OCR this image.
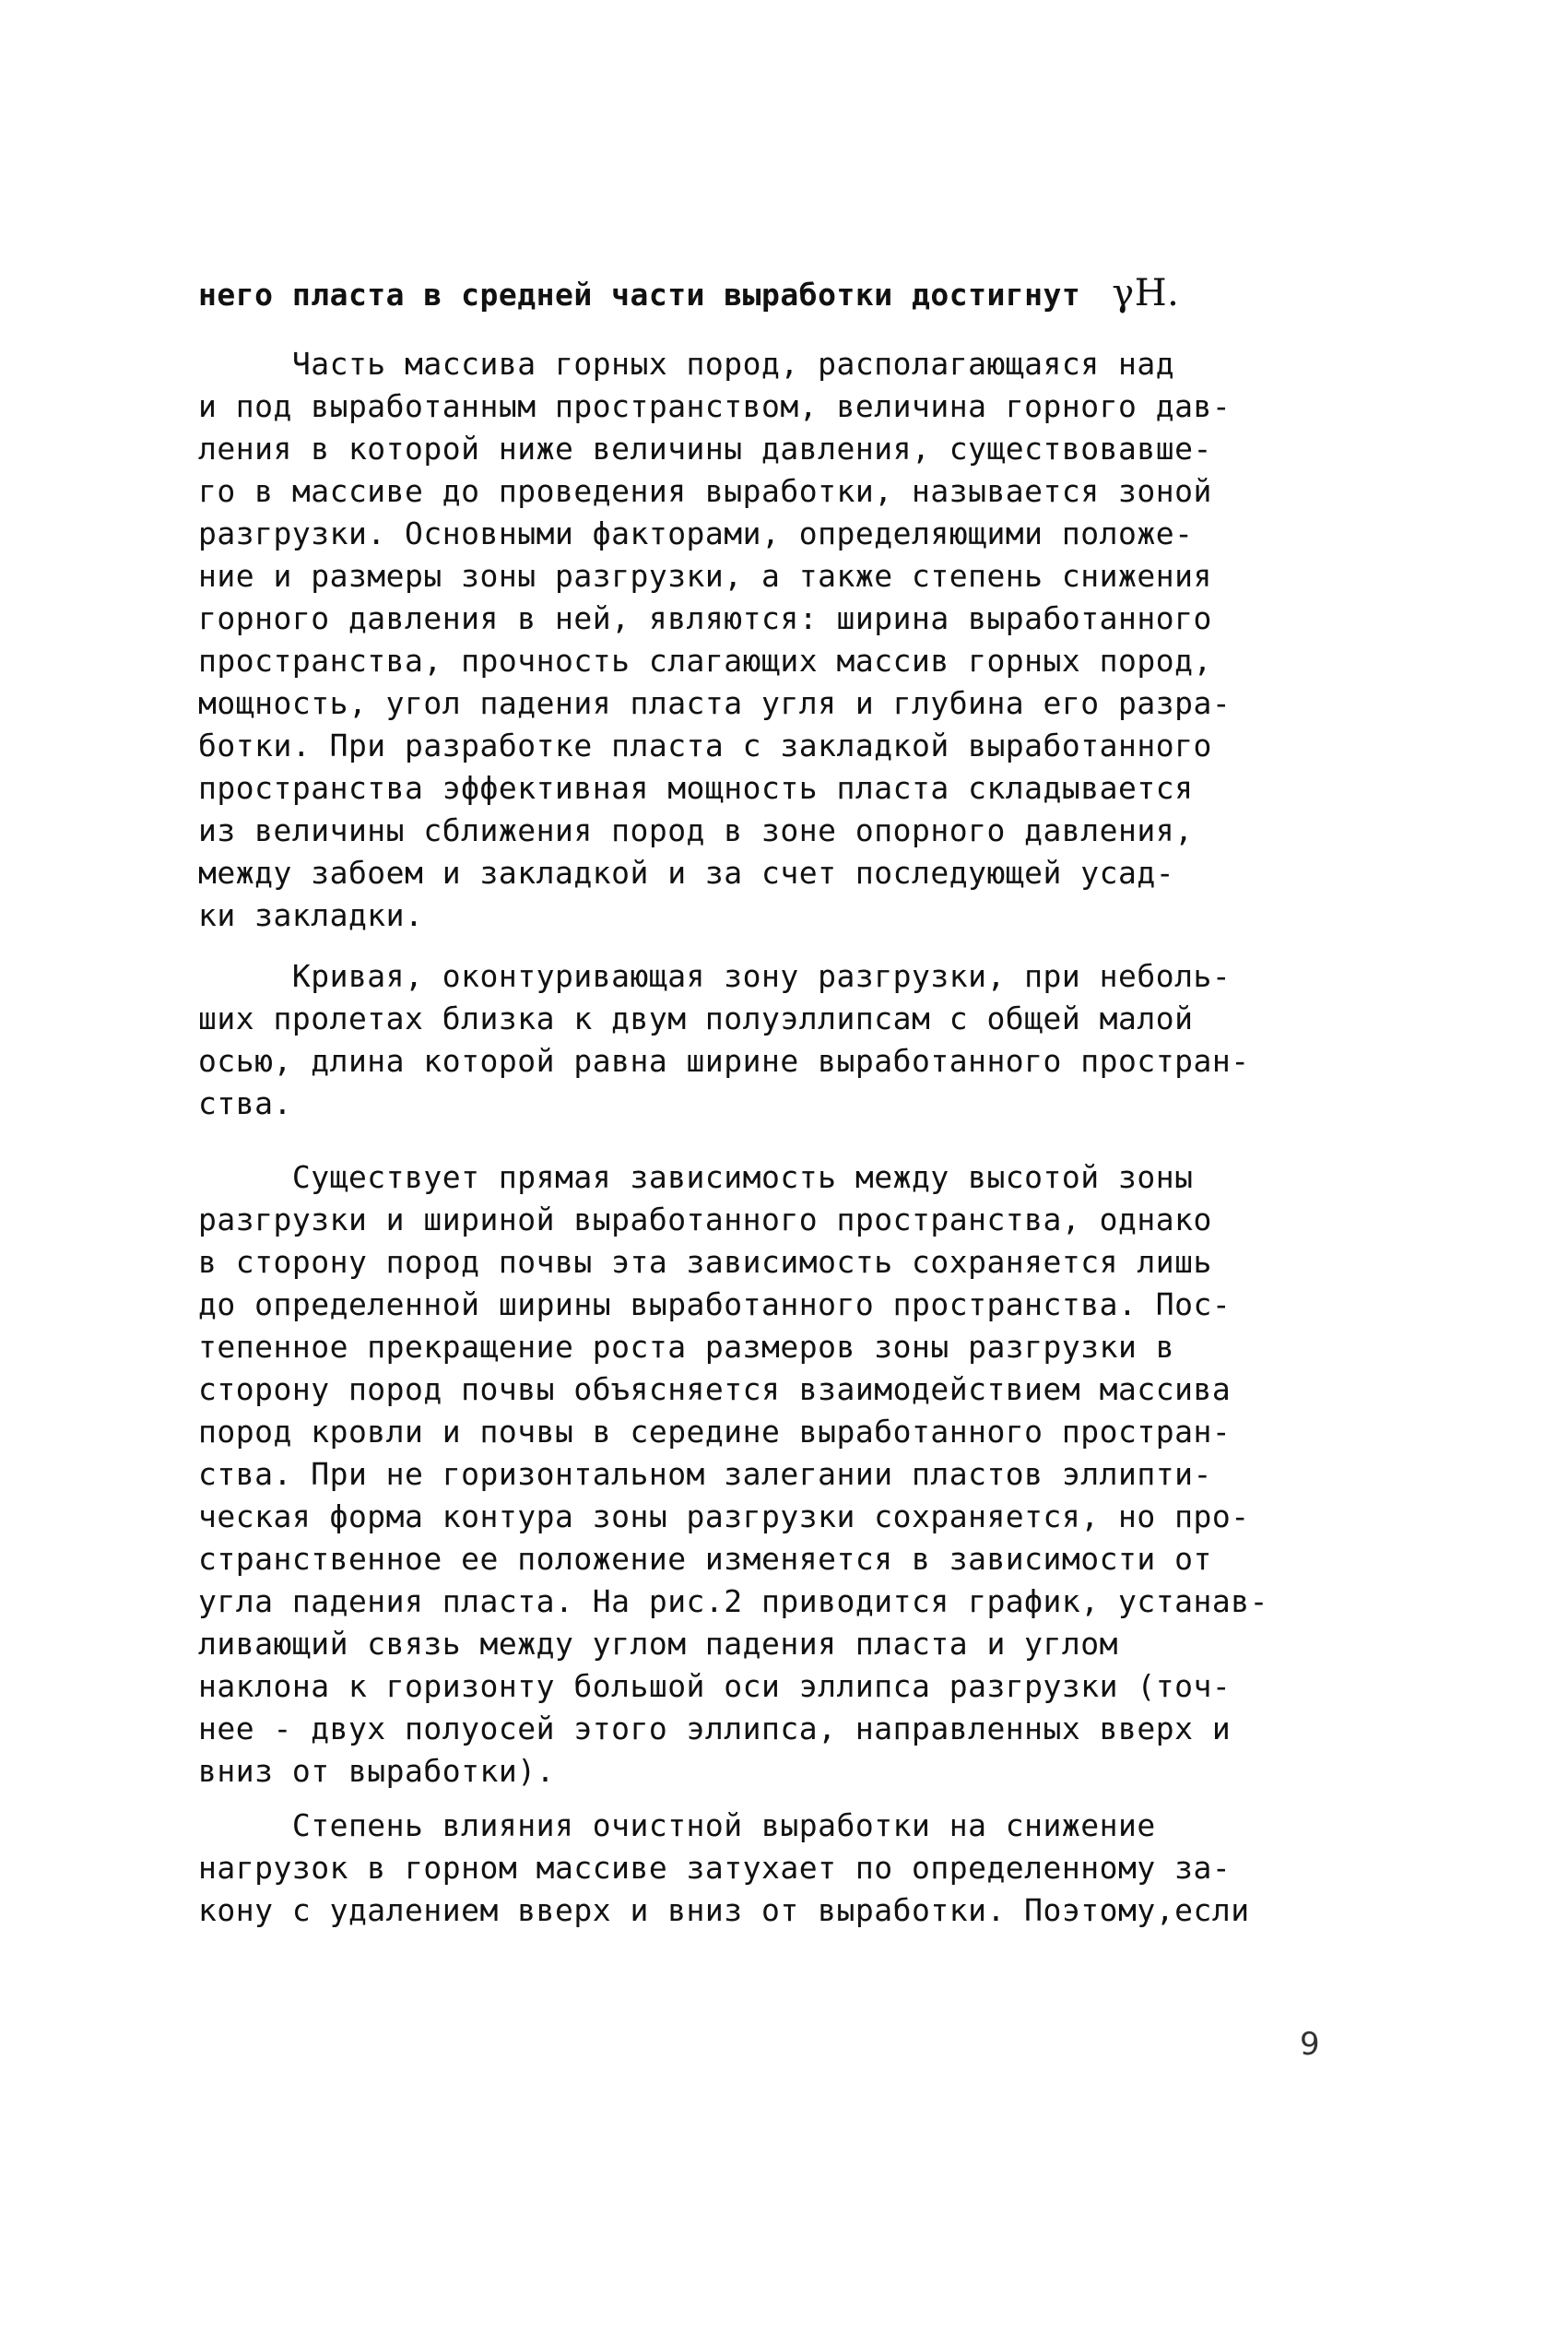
него пласта в средней части выработки достигнут γH.
Часть массива горных пород, располагающаяся над
и под выработанным пространством, величина горного дав-
ления в которой ниже величины давления, существовавше-
го в массиве до проведения выработки, называется зоной
разгрузки. Основными факторами, определяющими положе-
ние и размеры зоны разгрузки, а также степень снижения
горного давления в ней, являются: ширина выработанного
пространства, прочность слагающих массив горных пород,
мощность, угол падения пласта угля и глубина его разра-
ботки. При разработке пласта с закладкой выработанного
пространства эффективная мощность пласта складывается
из величины сближения пород в зоне опорного давления,
между забоем и закладкой и за счет последующей усад-
ки закладки.
Кривая, оконтуривающая зону разгрузки, при неболь-
ших пролетах близка к двум полуэллипсам с общей малой
осью, длина которой равна ширине выработанного простран-
ства.
Существует прямая зависимость между высотой зоны
разгрузки и шириной выработанного пространства, однако
в сторону пород почвы эта зависимость сохраняется лишь
до определенной ширины выработанного пространства. Пос-
тепенное прекращение роста размеров зоны разгрузки в
сторону пород почвы объясняется взаимодействием массива
пород кровли и почвы в середине выработанного простран-
ства. При не горизонтальном залегании пластов эллипти-
ческая форма контура зоны разгрузки сохраняется, но про-
странственное ее положение изменяется в зависимости от
угла падения пласта. На рис.2 приводится график, устанав-
ливающий связь между углом падения пласта и углом
наклона к горизонту большой оси эллипса разгрузки (точ-
нее - двух полуосей этого эллипса, направленных вверх и
вниз от выработки).
Степень влияния очистной выработки на снижение
нагрузок в горном массиве затухает по определенному за-
кону с удалением вверх и вниз от выработки. Поэтому,если
9
